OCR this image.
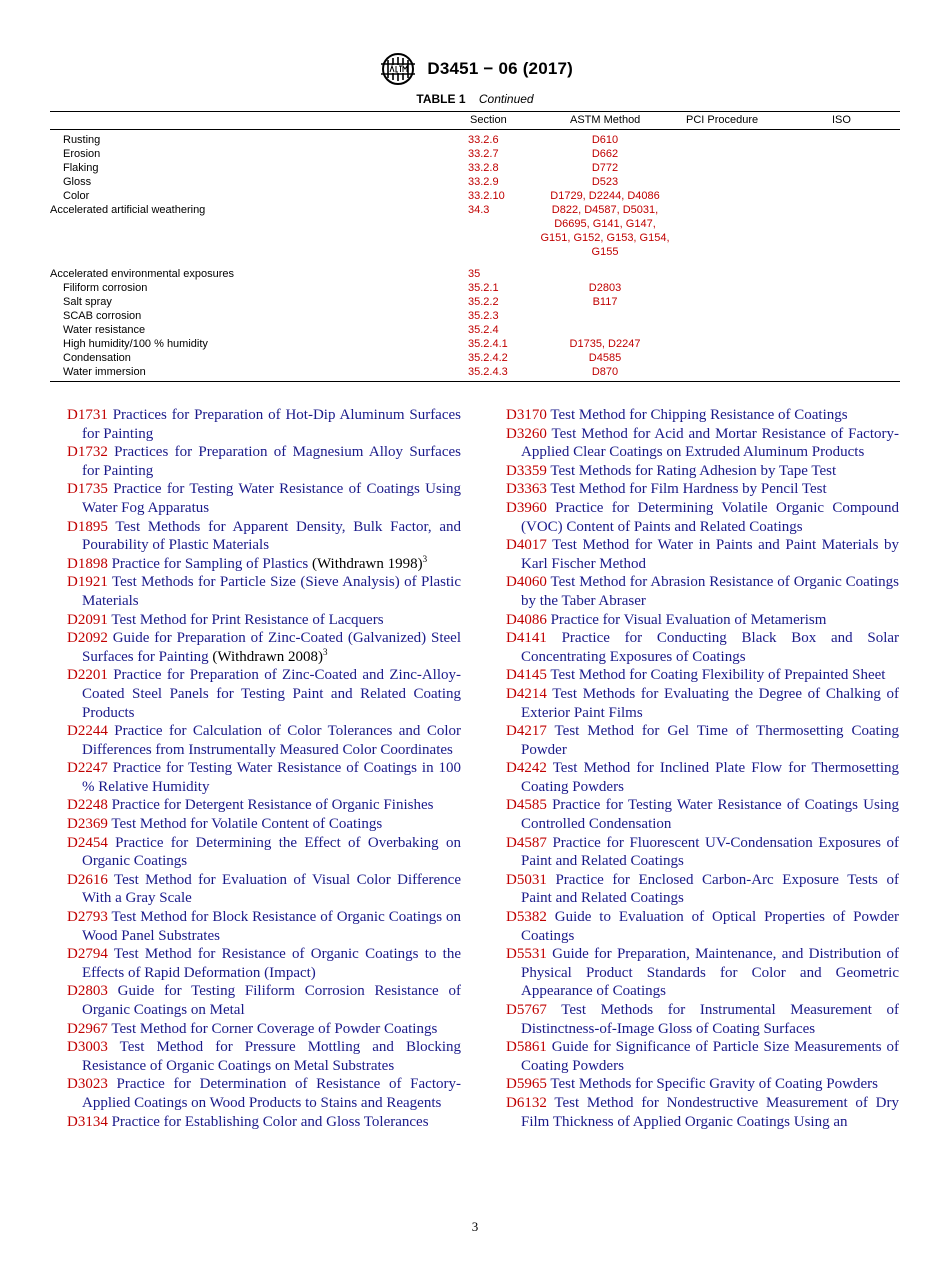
D3451 − 06 (2017)
TABLE 1 Continued
Section	ASTM Method	PCI Procedure	ISO
Rusting	33.2.6	D610
Erosion	33.2.7	D662
Flaking	33.2.8	D772
Gloss	33.2.9	D523
Color	33.2.10	D1729, D2244, D4086
Accelerated artificial weathering	34.3	D822, D4587, D5031, D6695, G141, G147, G151, G152, G153, G154, G155
Accelerated environmental exposures	35
Filiform corrosion	35.2.1	D2803
Salt spray	35.2.2	B117
SCAB corrosion	35.2.3
Water resistance	35.2.4
High humidity/100 % humidity	35.2.4.1	D1735, D2247
Condensation	35.2.4.2	D4585
Water immersion	35.2.4.3	D870
D1731 Practices for Preparation of Hot-Dip Aluminum Surfaces for Painting
D1732 Practices for Preparation of Magnesium Alloy Surfaces for Painting
D1735 Practice for Testing Water Resistance of Coatings Using Water Fog Apparatus
D1895 Test Methods for Apparent Density, Bulk Factor, and Pourability of Plastic Materials
D1898 Practice for Sampling of Plastics (Withdrawn 1998)$^3$
D1921 Test Methods for Particle Size (Sieve Analysis) of Plastic Materials
D2091 Test Method for Print Resistance of Lacquers
D2092 Guide for Preparation of Zinc-Coated (Galvanized) Steel Surfaces for Painting (Withdrawn 2008)$^3$
D2201 Practice for Preparation of Zinc-Coated and Zinc-Alloy-Coated Steel Panels for Testing Paint and Related Coating Products
D2244 Practice for Calculation of Color Tolerances and Color Differences from Instrumentally Measured Color Coordinates
D2247 Practice for Testing Water Resistance of Coatings in 100 % Relative Humidity
D2248 Practice for Detergent Resistance of Organic Finishes
D2369 Test Method for Volatile Content of Coatings
D2454 Practice for Determining the Effect of Overbaking on Organic Coatings
D2616 Test Method for Evaluation of Visual Color Difference With a Gray Scale
D2793 Test Method for Block Resistance of Organic Coatings on Wood Panel Substrates
D2794 Test Method for Resistance of Organic Coatings to the Effects of Rapid Deformation (Impact)
D2803 Guide for Testing Filiform Corrosion Resistance of Organic Coatings on Metal
D2967 Test Method for Corner Coverage of Powder Coatings
D3003 Test Method for Pressure Mottling and Blocking Resistance of Organic Coatings on Metal Substrates
D3023 Practice for Determination of Resistance of Factory-Applied Coatings on Wood Products to Stains and Reagents
D3134 Practice for Establishing Color and Gloss Tolerances
D3170 Test Method for Chipping Resistance of Coatings
D3260 Test Method for Acid and Mortar Resistance of Factory-Applied Clear Coatings on Extruded Aluminum Products
D3359 Test Methods for Rating Adhesion by Tape Test
D3363 Test Method for Film Hardness by Pencil Test
D3960 Practice for Determining Volatile Organic Compound (VOC) Content of Paints and Related Coatings
D4017 Test Method for Water in Paints and Paint Materials by Karl Fischer Method
D4060 Test Method for Abrasion Resistance of Organic Coatings by the Taber Abraser
D4086 Practice for Visual Evaluation of Metamerism
D4141 Practice for Conducting Black Box and Solar Concentrating Exposures of Coatings
D4145 Test Method for Coating Flexibility of Prepainted Sheet
D4214 Test Methods for Evaluating the Degree of Chalking of Exterior Paint Films
D4217 Test Method for Gel Time of Thermosetting Coating Powder
D4242 Test Method for Inclined Plate Flow for Thermosetting Coating Powders
D4585 Practice for Testing Water Resistance of Coatings Using Controlled Condensation
D4587 Practice for Fluorescent UV-Condensation Exposures of Paint and Related Coatings
D5031 Practice for Enclosed Carbon-Arc Exposure Tests of Paint and Related Coatings
D5382 Guide to Evaluation of Optical Properties of Powder Coatings
D5531 Guide for Preparation, Maintenance, and Distribution of Physical Product Standards for Color and Geometric Appearance of Coatings
D5767 Test Methods for Instrumental Measurement of Distinctness-of-Image Gloss of Coating Surfaces
D5861 Guide for Significance of Particle Size Measurements of Coating Powders
D5965 Test Methods for Specific Gravity of Coating Powders
D6132 Test Method for Nondestructive Measurement of Dry Film Thickness of Applied Organic Coatings Using an
3
